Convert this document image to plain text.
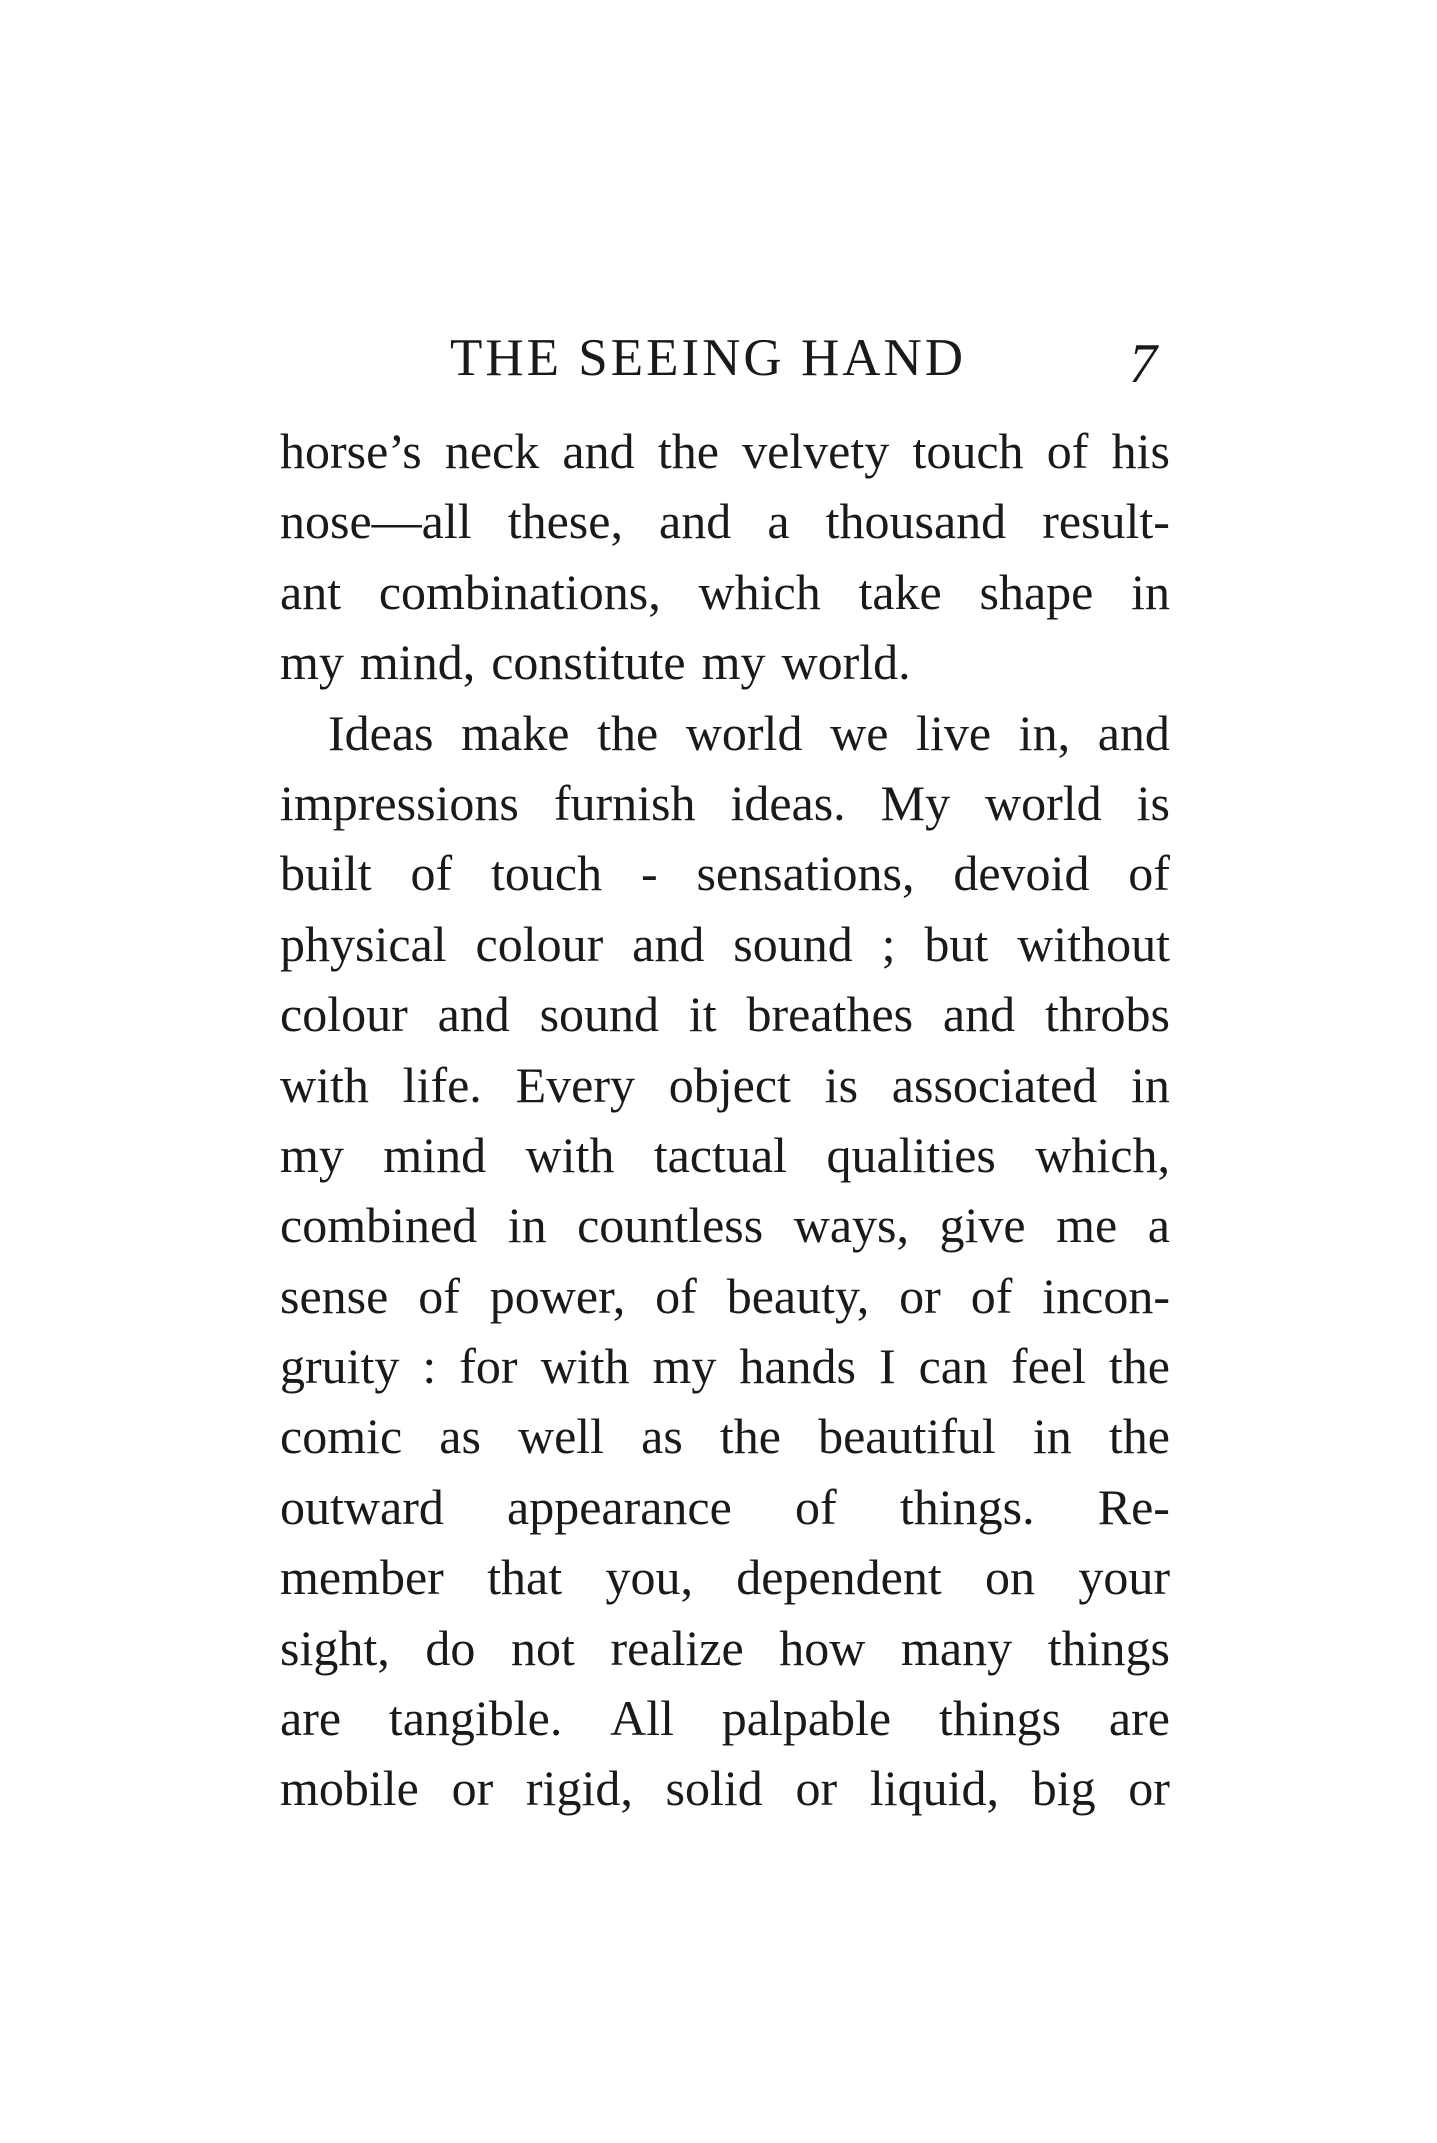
THE SEEING HAND	7
horse’s neck and the velvety touch of his
nose—all these, and a thousand result-
ant combinations, which take shape in
my mind, constitute my world.
Ideas make the world we live in, and
impressions furnish ideas. My world is
built of touch - sensations, devoid of
physical colour and sound ; but without
colour and sound it breathes and throbs
with life. Every object is associated in
my mind with tactual qualities which,
combined in countless ways, give me a
sense of power, of beauty, or of incon-
gruity : for with my hands I can feel the
comic as well as the beautiful in the
outward appearance of things. Re-
member that you, dependent on your
sight, do not realize how many things
are tangible. All palpable things are
mobile or rigid, solid or liquid, big or
